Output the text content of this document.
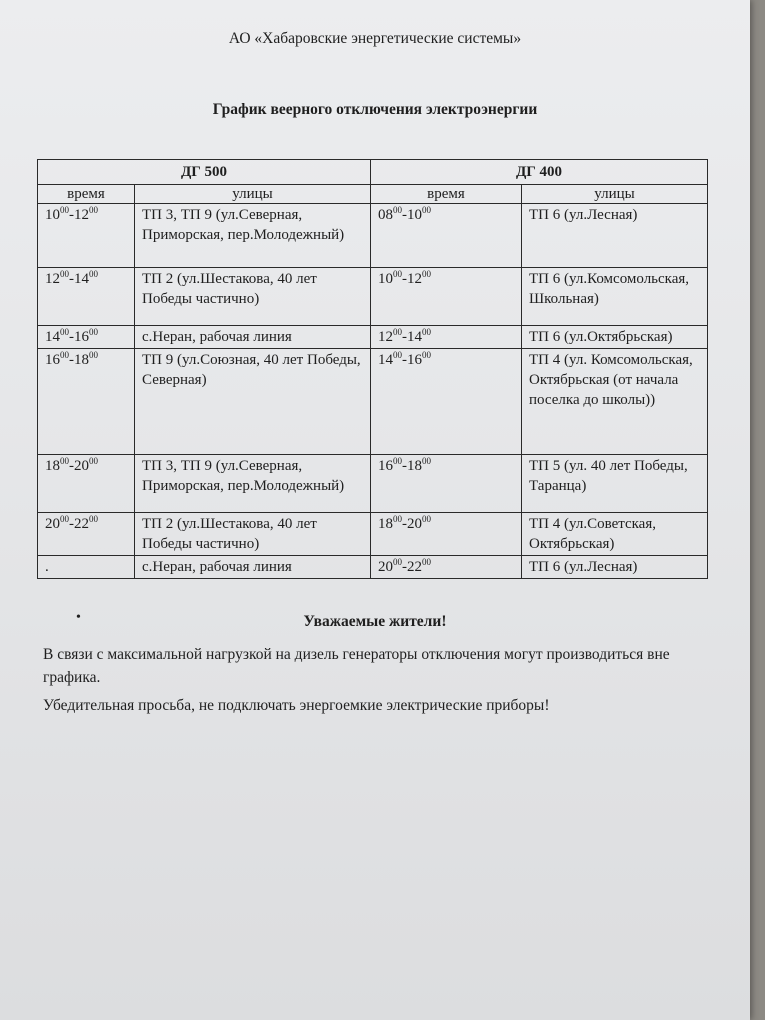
АО «Хабаровские энергетические системы»
График веерного отключения электроэнергии
ДГ 500		ДГ 400	
время	улицы	время	улицы
$10^{00}-12^{00}$	ТП 3, ТП 9 (ул.Северная, Приморская, пер.Молодежный)	$08^{00}-10^{00}$	ТП 6 (ул.Лесная)
$12^{00}-14^{00}$	ТП 2 (ул.Шестакова, 40 лет Победы частично)	$10^{00}-12^{00}$	ТП 6 (ул.Комсомольская, Школьная)
$14^{00}-16^{00}$	с.Неран, рабочая линия	$12^{00}-14^{00}$	ТП 6 (ул.Октябрьская)
$16^{00}-18^{00}$	ТП 9 (ул.Союзная, 40 лет Победы, Северная)	$14^{00}-16^{00}$	ТП 4 (ул. Комсомольская, Октябрьская (от начала поселка до школы))
$18^{00}-20^{00}$	ТП 3, ТП 9 (ул.Северная, Приморская, пер.Молодежный)	$16^{00}-18^{00}$	ТП 5 (ул. 40 лет Победы, Таранца)
$20^{00}-22^{00}$	ТП 2 (ул.Шестакова, 40 лет Победы частично)	$18^{00}-20^{00}$	ТП 4 (ул.Советская, Октябрьская)
.	с.Неран, рабочая линия	$20^{00}-22^{00}$	ТП 6 (ул.Лесная)
•	Уважаемые жители!
В связи с максимальной нагрузкой на дизель генераторы отключения могут производиться вне графика.
Убедительная просьба, не подключать энергоемкие электрические приборы!
